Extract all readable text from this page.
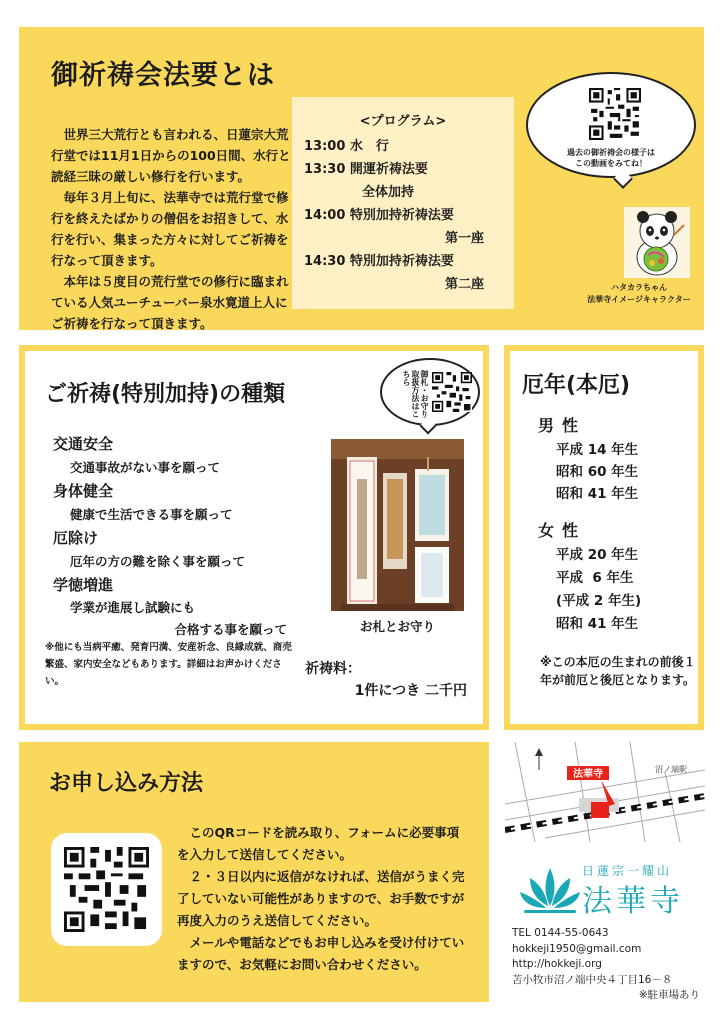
御祈祷会法要とは

世界三大荒行とも言われる、日蓮宗大荒行堂では11月1日からの100日間、水行と読経三昧の厳しい修行を行います。

毎年３月上旬に、法華寺では荒行堂で修行を終えたばかりの僧侶をお招きして、水行を行い、集まった方々に対してご祈祷を行なって頂きます。

本年は５度目の荒行堂での修行に臨まれている人気ユーチューバー泉水寛道上人にご祈祷を行なって頂きます。

<プログラム>
13:00 水　行
13:30 開運祈祷法要
全体加持
14:00 特別加持祈祷法要
第一座
14:30 特別加持祈祷法要
第二座
過去の御祈祷会の様子は
この動画をみてね！
ハタカラちゃん
法華寺イメージキャラクター
ご祈祷(特別加持)の種類	御札・お守り 取扱方法はこちら
交通安全
交通事故がない事を願って
身体健全
健康で生活できる事を願って
厄除け
厄年の方の難を除く事を願って
学徳増進
学業が進展し試験にも
合格する事を願って
※他にも当病平癒、発育円満、安産祈念、良縁成就、商売繁盛、家内安全などもあります。詳細はお声かけください。
お札とお守り
祈祷料：
1件につき 二千円
厄年(本厄)
男性
平成 14 年生
昭和 60 年生
昭和 41 年生
女性
平成 20 年生
平成  6 年生
(平成 2 年生)
昭和 41 年生
※この本厄の生まれの前後１年が前厄と後厄となります。
お申し込み方法

このQRコードを読み取り、フォームに必要事項を入力して送信してください。

２・３日以内に返信がなければ、送信がうまく完了していない可能性がありますので、お手数ですが再度入力のうえ送信してください。

メールや電話などでもお申し込みを受け付けていますので、お気軽にお問い合わせください。

法華寺	沼ノ端駅
日蓮宗一耀山
法華寺
TEL 0144-55-0643
hokkeji1950@gmail.com
http://hokkeji.org
苫小牧市沼ノ端中央４丁目16－８
※駐車場あり
